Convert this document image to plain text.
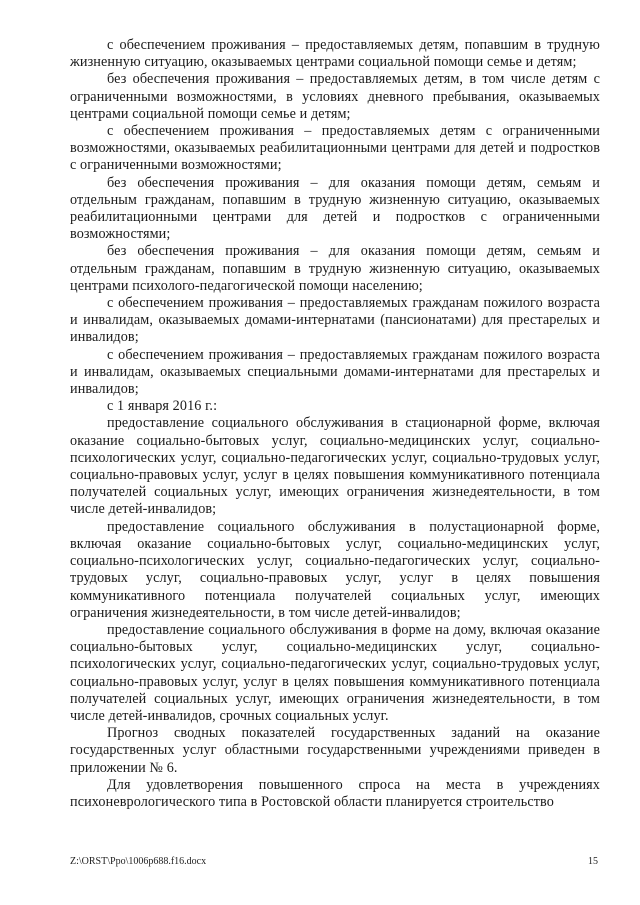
с обеспечением проживания – предоставляемых детям, попавшим в трудную жизненную ситуацию, оказываемых центрами социальной помощи семье и детям;

без обеспечения проживания – предоставляемых детям, в том числе детям с ограниченными возможностями, в условиях дневного пребывания, оказываемых центрами социальной помощи семье и детям;

с обеспечением проживания – предоставляемых детям с ограниченными возможностями, оказываемых реабилитационными центрами для детей и подростков с ограниченными возможностями;

без обеспечения проживания – для оказания помощи детям, семьям и отдельным гражданам, попавшим в трудную жизненную ситуацию, оказываемых реабилитационными центрами для детей и подростков с ограниченными возможностями;

без обеспечения проживания – для оказания помощи детям, семьям и отдельным гражданам, попавшим в трудную жизненную ситуацию, оказываемых центрами психолого-педагогической помощи населению;

с обеспечением проживания – предоставляемых гражданам пожилого возраста и инвалидам, оказываемых домами-интернатами (пансионатами) для престарелых и инвалидов;

с обеспечением проживания – предоставляемых гражданам пожилого возраста и инвалидам, оказываемых специальными домами-интернатами для престарелых и инвалидов;

с 1 января 2016 г.:

предоставление социального обслуживания в стационарной форме, включая оказание социально-бытовых услуг, социально-медицинских услуг, социально-психологических услуг, социально-педагогических услуг, социально-трудовых услуг, социально-правовых услуг, услуг в целях повышения коммуникативного потенциала получателей социальных услуг, имеющих ограничения жизнедеятельности, в том числе детей-инвалидов;

предоставление социального обслуживания в полустационарной форме, включая оказание социально-бытовых услуг, социально-медицинских услуг, социально-психологических услуг, социально-педагогических услуг, социально-трудовых услуг, социально-правовых услуг, услуг в целях повышения коммуникативного потенциала получателей социальных услуг, имеющих ограничения жизнедеятельности, в том числе детей-инвалидов;

предоставление социального обслуживания в форме на дому, включая оказание социально-бытовых услуг, социально-медицинских услуг, социально-психологических услуг, социально-педагогических услуг, социально-трудовых услуг, социально-правовых услуг, услуг в целях повышения коммуникативного потенциала получателей социальных услуг, имеющих ограничения жизнедеятельности, в том числе детей-инвалидов, срочных социальных услуг.

Прогноз сводных показателей государственных заданий на оказание государственных услуг областными государственными учреждениями приведен в приложении № 6.

Для удовлетворения повышенного спроса на места в учреждениях психоневрологического типа в Ростовской области планируется строительство

Z:\ORST\Ppo\1006p688.f16.docx	15
